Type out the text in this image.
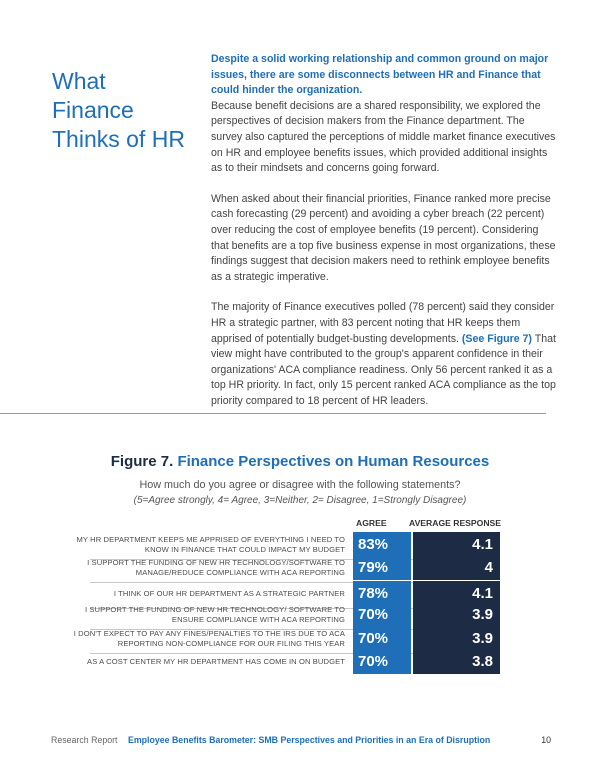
What
Finance
Thinks of HR

Despite a solid working relationship and common ground on major issues, there are some disconnects between HR and Finance that could hinder the organization.

Because benefit decisions are a shared responsibility, we explored the perspectives of decision makers from the Finance department. The survey also captured the perceptions of middle market finance executives on HR and employee benefits issues, which provided additional insights as to their mindsets and concerns going forward.

When asked about their financial priorities, Finance ranked more precise cash forecasting (29 percent) and avoiding a cyber breach (22 percent) over reducing the cost of employee benefits (19 percent). Considering that benefits are a top five business expense in most organizations, these findings suggest that decision makers need to rethink employee benefits as a strategic imperative.

The majority of Finance executives polled (78 percent) said they consider HR a strategic partner, with 83 percent noting that HR keeps them apprised of potentially budget-busting developments. (See Figure 7) That view might have contributed to the group's apparent confidence in their organizations' ACA compliance readiness. Only 56 percent ranked it as a top HR priority. In fact, only 15 percent ranked ACA compliance as the top priority compared to 18 percent of HR leaders.

Figure 7. Finance Perspectives on Human Resources
How much do you agree or disagree with the following statements?
(5=Agree strongly, 4= Agree, 3=Neither, 2= Disagree, 1=Strongly Disagree)
AGREE	AVERAGE RESPONSE
MY HR DEPARTMENT KEEPS ME APPRISED OF EVERYTHING I NEED TO KNOW IN FINANCE THAT COULD IMPACT MY BUDGET 83%	4.1
I SUPPORT THE FUNDING OF NEW HR TECHNOLOGY/SOFTWARE TO MANAGE/REDUCE COMPLIANCE WITH ACA REPORTING 79%	4
I THINK OF OUR HR DEPARTMENT AS A STRATEGIC PARTNER 78%	4.1
I SUPPORT THE FUNDING OF NEW HR TECHNOLOGY/ SOFTWARE TO ENSURE COMPLIANCE WITH ACA REPORTING 70%	3.9
I DON'T EXPECT TO PAY ANY FINES/PENALTIES TO THE IRS DUE TO ACA REPORTING NON-COMPLIANCE FOR OUR FILING THIS YEAR 70%	3.9
AS A COST CENTER MY HR DEPARTMENT HAS COME IN ON BUDGET 70%	3.8
Research Report Employee Benefits Barometer: SMB Perspectives and Priorities in an Era of Disruption	10
